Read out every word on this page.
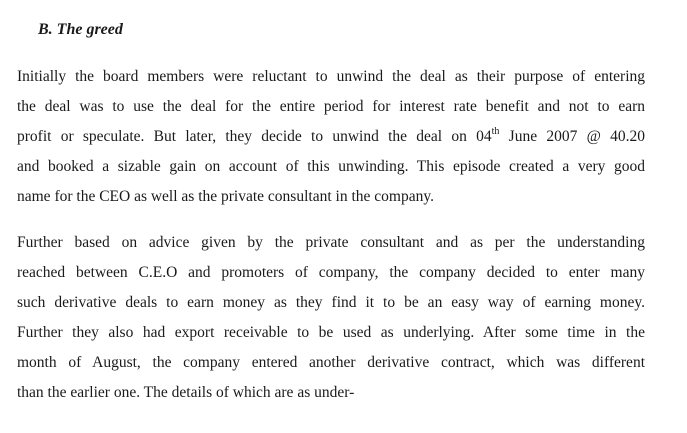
B. The greed
Initially the board members were reluctant to unwind the deal as their purpose of entering
the deal was to use the deal for the entire period for interest rate benefit and not to earn
profit or speculate. But later, they decide to unwind the deal on 04th June 2007 @ 40.20
and booked a sizable gain on account of this unwinding. This episode created a very good
name for the CEO as well as the private consultant in the company.
Further based on advice given by the private consultant and as per the understanding
reached between C.E.O and promoters of company, the company decided to enter many
such derivative deals to earn money as they find it to be an easy way of earning money.
Further they also had export receivable to be used as underlying. After some time in the
month of August, the company entered another derivative contract, which was different
than the earlier one. The details of which are as under-
